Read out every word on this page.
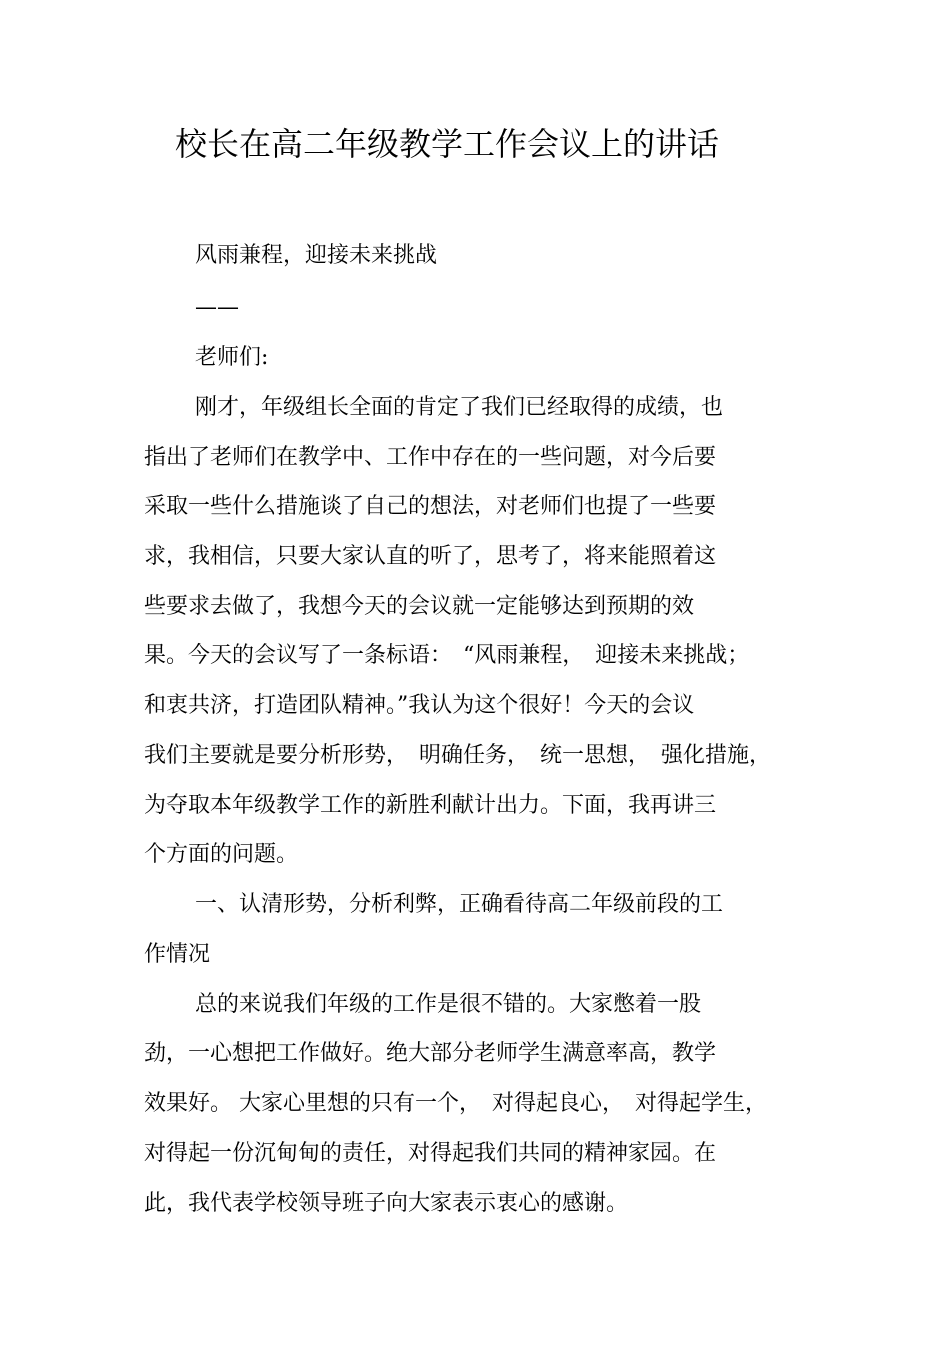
校长在高二年级教学工作会议上的讲话
风雨兼程，迎接未来挑战
——
老师们:
刚才，年级组长全面的肯定了我们已经取得的成绩，也
指出了老师们在教学中、工作中存在的一些问题，对今后要
采取一些什么措施谈了自己的想法，对老师们也提了一些要
求，我相信，只要大家认直的听了，思考了，将来能照着这
些要求去做了，我想今天的会议就一定能够达到预期的效
果。今天的会议写了一条标语：　“风雨兼程，　迎接未来挑战；
和衷共济，打造团队精神。”我认为这个很好！今天的会议
我们主要就是要分析形势，　明确任务，　统一思想，　强化措施，
为夺取本年级教学工作的新胜利献计出力。下面，我再讲三
个方面的问题。
一、认清形势，分析利弊，正确看待高二年级前段的工
作情况
总的来说我们年级的工作是很不错的。大家憋着一股
劲，一心想把工作做好。绝大部分老师学生满意率高，教学
效果好。 大家心里想的只有一个，　对得起良心，　对得起学生，
对得起一份沉甸甸的责任，对得起我们共同的精神家园。在
此，我代表学校领导班子向大家表示衷心的感谢。
